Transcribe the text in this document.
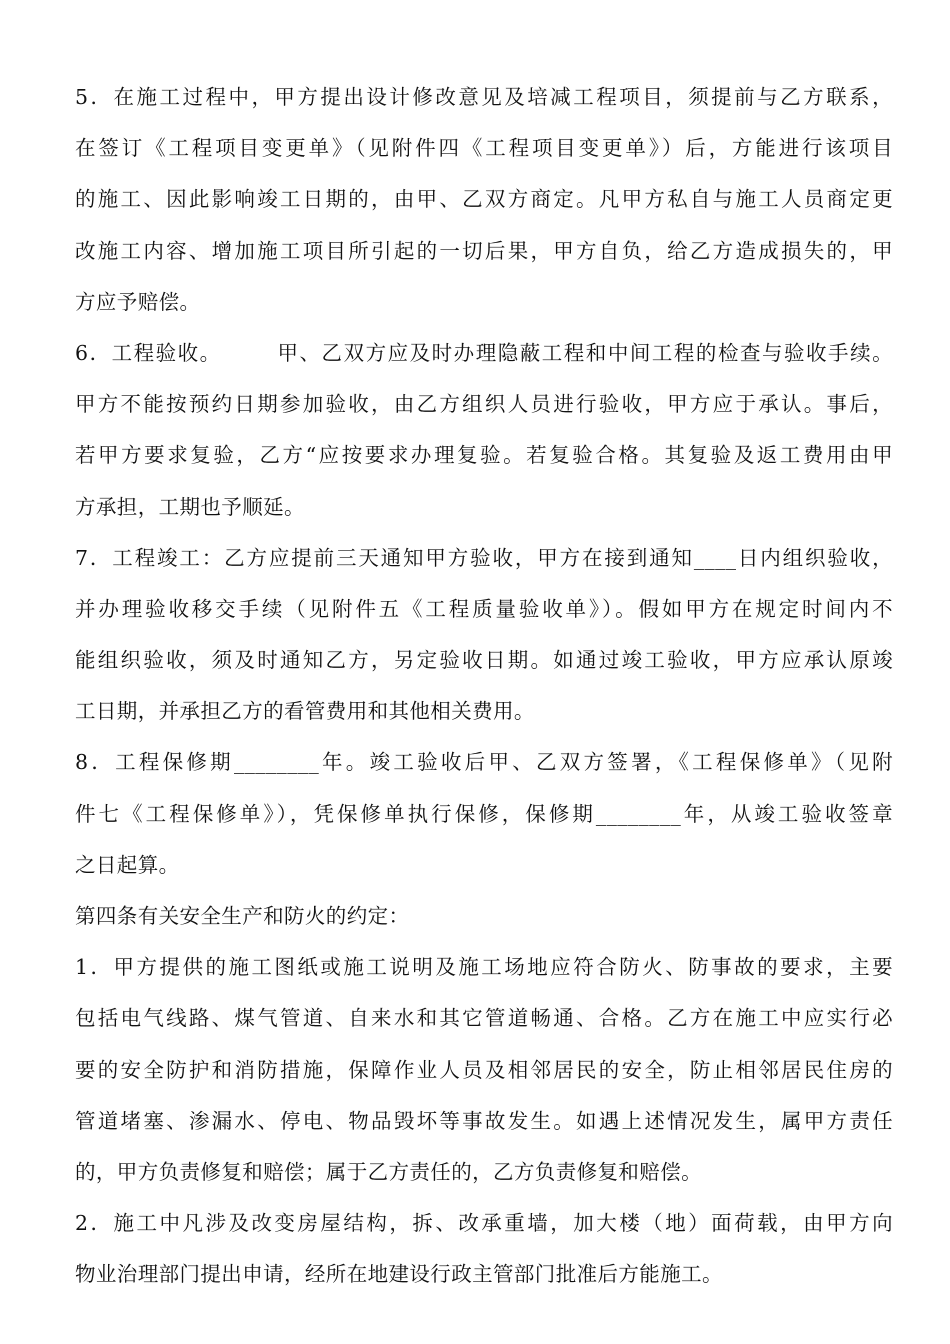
5．在施工过程中，甲方提出设计修改意见及培减工程项目，须提前与乙方联系，
在签订《工程项目变更单》（见附件四《工程项目变更单》）后，方能进行该项目
的施工、因此影响竣工日期的，由甲、乙双方商定。凡甲方私自与施工人员商定更
改施工内容、增加施工项目所引起的一切后果，甲方自负，给乙方造成损失的，甲
方应予赔偿。
6．工程验收。　　　甲、乙双方应及时办理隐蔽工程和中间工程的检查与验收手续。
甲方不能按预约日期参加验收，由乙方组织人员进行验收，甲方应于承认。事后，
若甲方要求复验，乙方“应按要求办理复验。若复验合格。其复验及返工费用由甲
方承担，工期也予顺延。
7．工程竣工：乙方应提前三天通知甲方验收，甲方在接到通知____日内组织验收，
并办理验收移交手续（见附件五《工程质量验收单》）。假如甲方在规定时间内不
能组织验收，须及时通知乙方，另定验收日期。如通过竣工验收，甲方应承认原竣
工日期，并承担乙方的看管费用和其他相关费用。
8．工程保修期________年。竣工验收后甲、乙双方签署，《工程保修单》（见附
件七《工程保修单》），凭保修单执行保修，保修期________年，从竣工验收签章
之日起算。
第四条有关安全生产和防火的约定：
1．甲方提供的施工图纸或施工说明及施工场地应符合防火、防事故的要求，主要
包括电气线路、煤气管道、自来水和其它管道畅通、合格。乙方在施工中应实行必
要的安全防护和消防措施，保障作业人员及相邻居民的安全，防止相邻居民住房的
管道堵塞、渗漏水、停电、物品毁坏等事故发生。如遇上述情况发生，属甲方责任
的，甲方负责修复和赔偿；属于乙方责任的，乙方负责修复和赔偿。
2．施工中凡涉及改变房屋结构，拆、改承重墙，加大楼（地）面荷载，由甲方向
物业治理部门提出申请，经所在地建设行政主管部门批准后方能施工。
